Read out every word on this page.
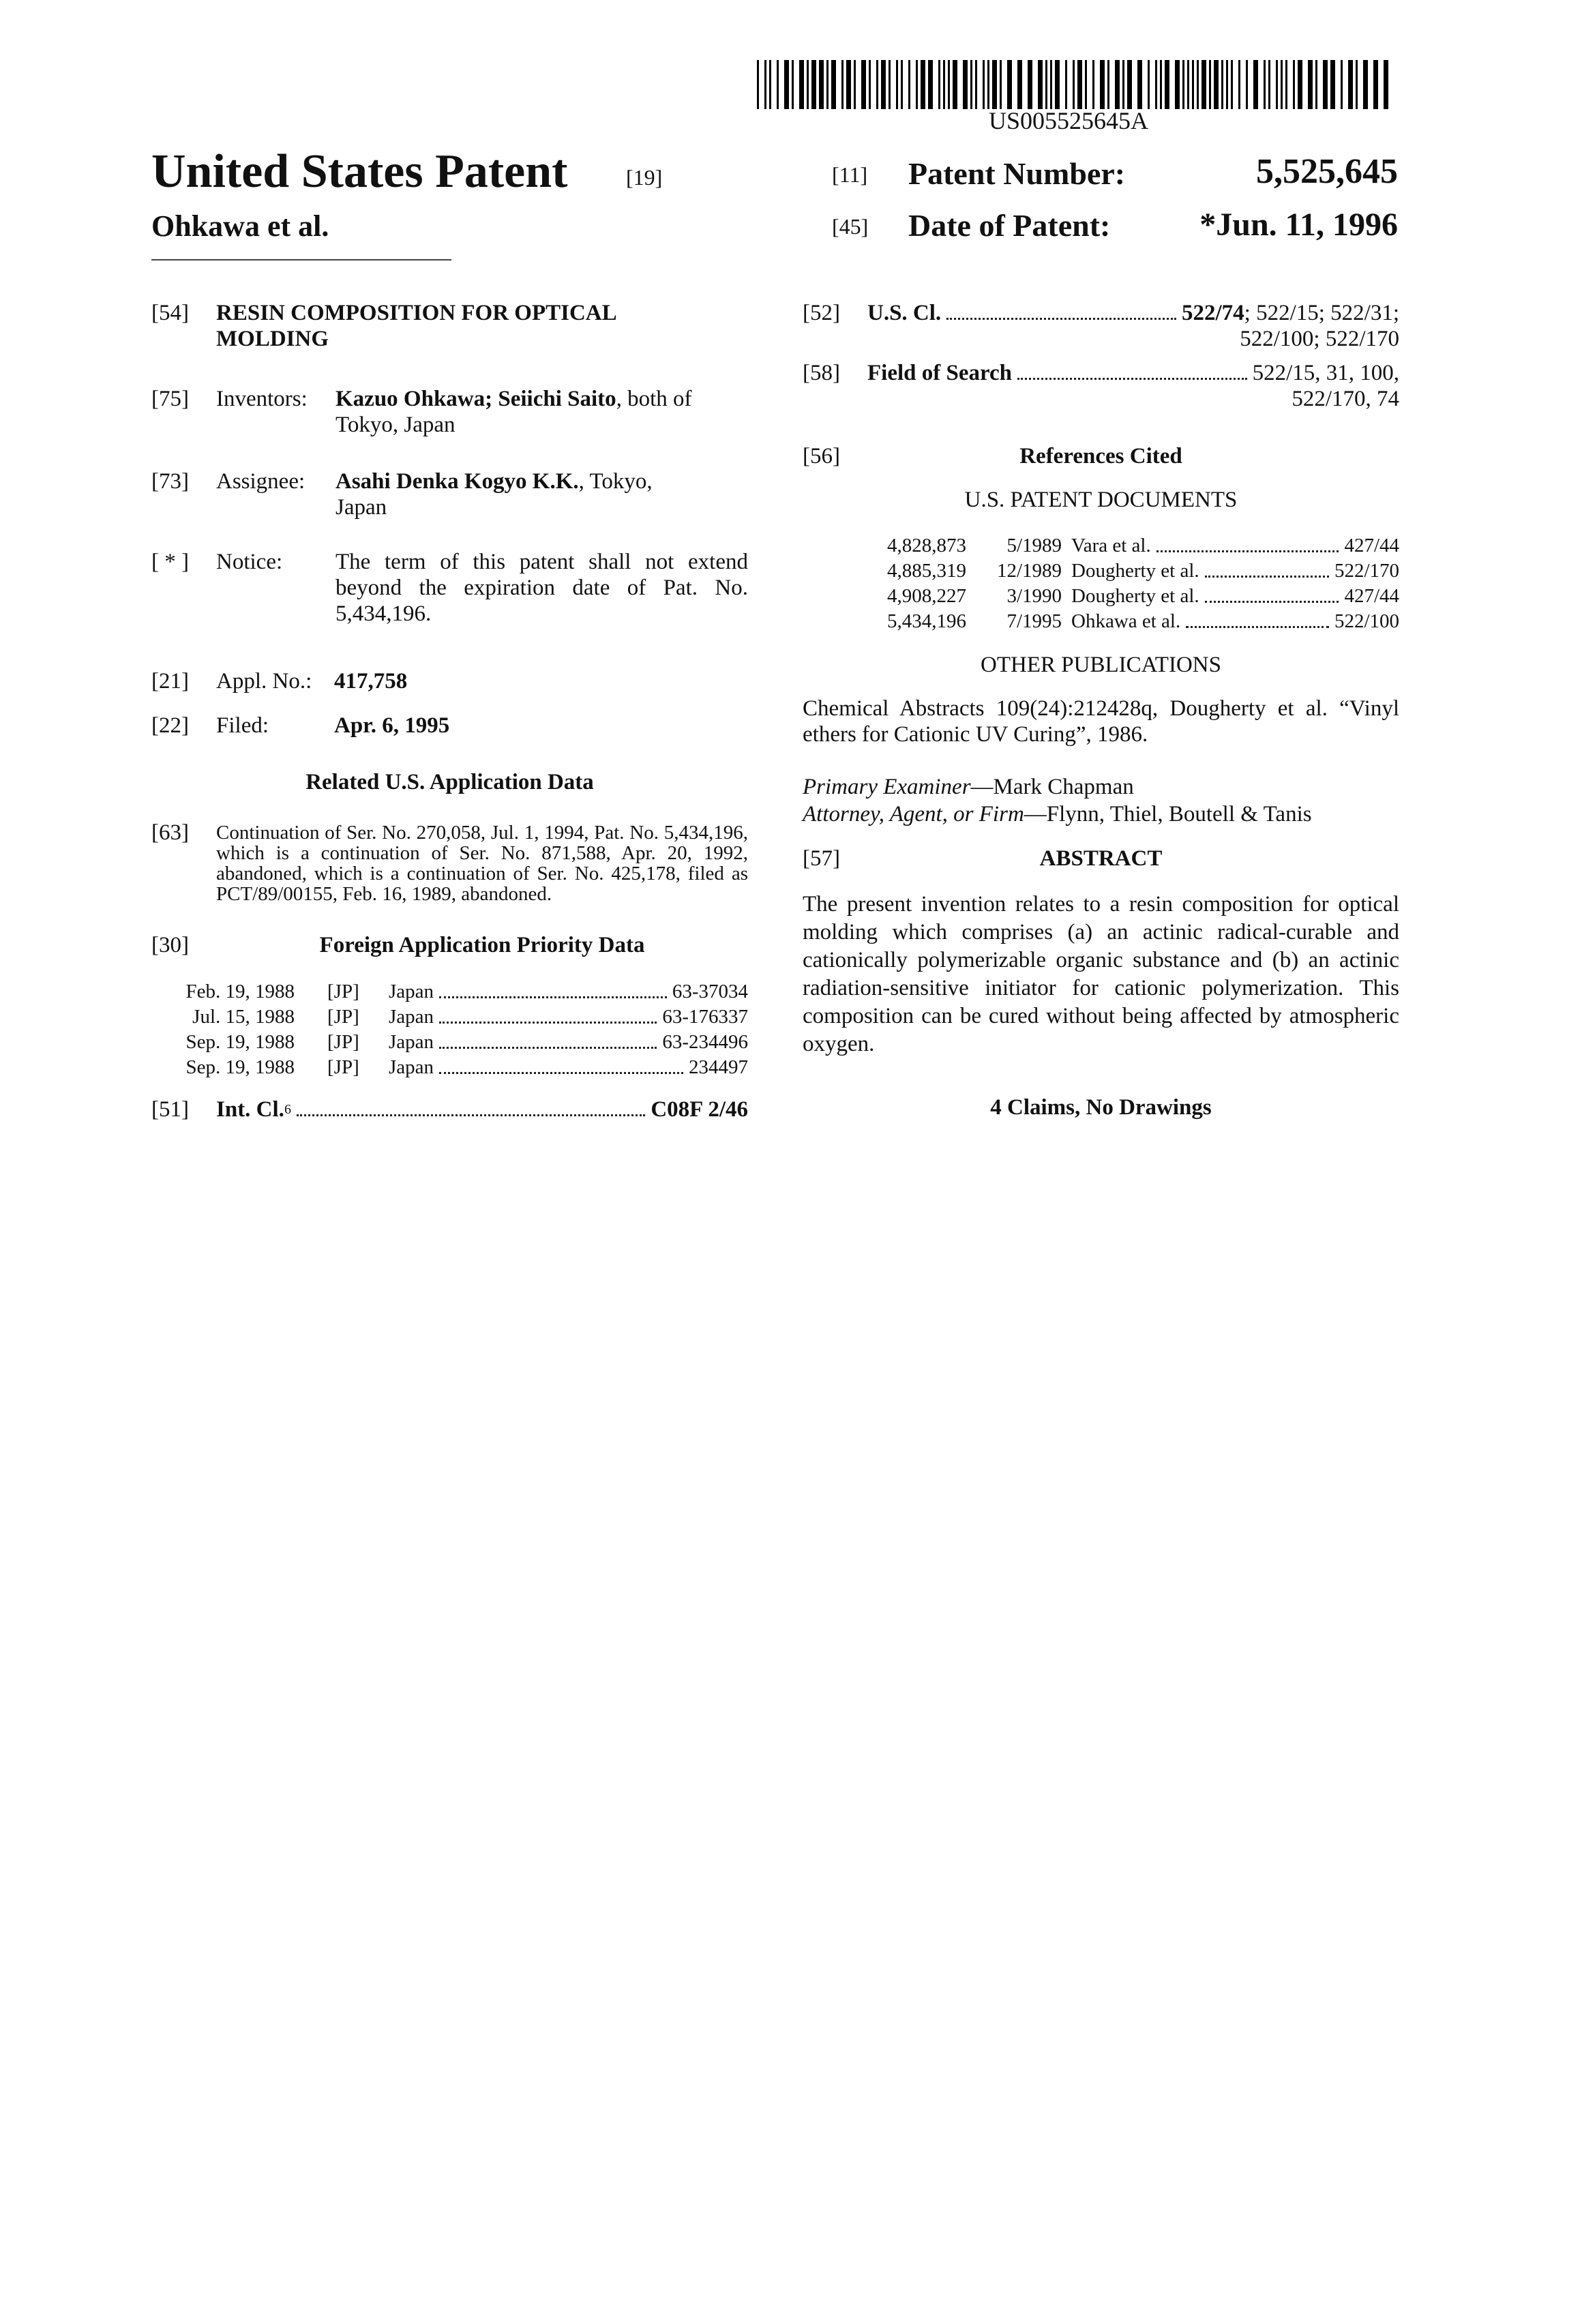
US005525645A
United States Patent	[19]
Ohkawa et al.
[11] Patent Number:	5,525,645
[45] Date of Patent:	*Jun. 11, 1996
[54] RESIN COMPOSITION FOR OPTICAL
MOLDING
[75] Inventors: Kazuo Ohkawa; Seiichi Saito, both of
Tokyo, Japan
[73] Assignee: Asahi Denka Kogyo K.K., Tokyo,
Japan
[ * ] Notice: The term of this patent shall not extend beyond the expiration date of Pat. No. 5,434,196.
[21] Appl. No.: 417,758
[22] Filed:	Apr. 6, 1995
Related U.S. Application Data
[63] Continuation of Ser. No. 270,058, Jul. 1, 1994, Pat. No. 5,434,196, which is a continuation of Ser. No. 871,588, Apr. 20, 1992, abandoned, which is a continuation of Ser. No. 425,178, filed as PCT/89/00155, Feb. 16, 1989, abandoned.
[30]	Foreign Application Priority Data
Feb. 19, 1988 [JP]	Japan	63-37034
Jul. 15, 1988 [JP]	Japan	63-176337
Sep. 19, 1988 [JP]	Japan	63-234496
Sep. 19, 1988 [JP]	Japan	234497
[51]	Int. Cl. 6	C08F 2/46
[52]	U.S. Cl.	522/74 ; 522/15; 522/31;
522/100; 522/170
[58]	Field of Search	522/15, 31, 100,
522/170, 74
[56]	References Cited
U.S. PATENT DOCUMENTS
4,828,873	5/1989 Vara et al.	427/44
4,885,319	12/1989 Dougherty et al.	522/170
4,908,227	3/1990 Dougherty et al.	427/44
5,434,196	7/1995 Ohkawa et al.	522/100
OTHER PUBLICATIONS
Chemical Abstracts 109(24):212428q, Dougherty et al. “Vinyl ethers for Cationic UV Curing”, 1986.
Primary Examiner—Mark Chapman
Attorney, Agent, or Firm—Flynn, Thiel, Boutell & Tanis
[57]	ABSTRACT
The present invention relates to a resin composition for optical molding which comprises (a) an actinic radical-curable and cationically polymerizable organic substance and (b) an actinic radiation-sensitive initiator for cationic polymerization. This composition can be cured without being affected by atmospheric oxygen.
4 Claims, No Drawings
